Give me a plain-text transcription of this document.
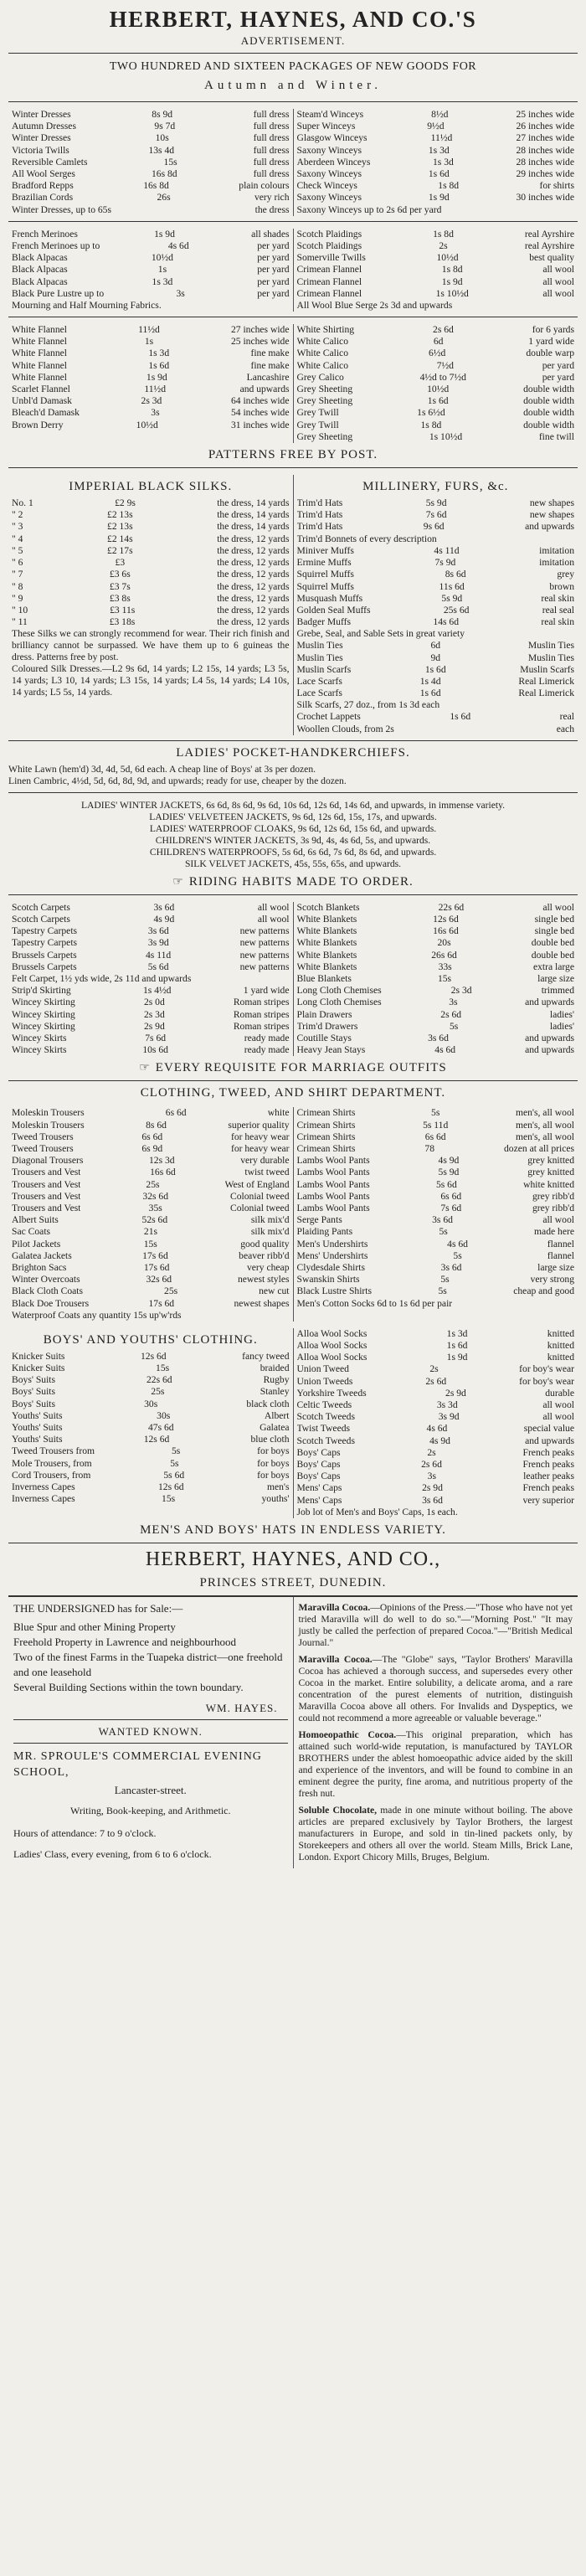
HERBERT, HAYNES, AND CO.'S
ADVERTISEMENT.
TWO HUNDRED AND SIXTEEN PACKAGES OF NEW GOODS FOR
Autumn and Winter.
Winter Dresses	8s 9d	full dress
Autumn Dresses	9s 7d	full dress
Winter Dresses	10s	full dress
Victoria Twills	13s 4d	full dress
Reversible Camlets	15s	full dress
All Wool Serges	16s 8d	full dress
Bradford Repps	16s 8d	plain colours
Brazilian Cords	26s	very rich
Winter Dresses, up to 65s	the dress
Steam'd Winceys	8½d	25 inches wide
Super Winceys	9½d	26 inches wide
Glasgow Winceys	11½d	27 inches wide
Saxony Winceys	1s 3d	28 inches wide
Aberdeen Winceys	1s 3d	28 inches wide
Saxony Winceys	1s 6d	29 inches wide
Check Winceys	1s 8d	for shirts
Saxony Winceys	1s 9d	30 inches wide
Saxony Winceys up to 2s 6d per yard
French Merinoes	1s 9d	all shades
French Merinoes up to	4s 6d	per yard
Black Alpacas	10½d	per yard
Black Alpacas	1s	per yard
Black Alpacas	1s 3d	per yard
Black Pure Lustre up to	3s	per yard
Mourning and Half Mourning Fabrics.
Scotch Plaidings	1s 8d	real Ayrshire
Scotch Plaidings	2s	real Ayrshire
Somerville Twills	10½d	best quality
Crimean Flannel	1s 8d	all wool
Crimean Flannel	1s 9d	all wool
Crimean Flannel	1s 10½d	all wool
All Wool Blue Serge 2s 3d and upwards
White Flannel	11½d	27 inches wide
White Flannel	1s	25 inches wide
White Flannel	1s 3d	fine make
White Flannel	1s 6d	fine make
White Flannel	1s 9d	Lancashire
Scarlet Flannel	11½d	and upwards
Unbl'd Damask	2s 3d	64 inches wide
Bleach'd Damask	3s	54 inches wide
Brown Derry	10½d	31 inches wide
White Shirting	2s 6d	for 6 yards
White Calico	6d	1 yard wide
White Calico	6½d	double warp
White Calico	7½d	per yard
Grey Calico	4½d to 7½d	per yard
Grey Sheeting	10½d	double width
Grey Sheeting	1s 6d	double width
Grey Twill	1s 6½d	double width
Grey Twill	1s 8d	double width
Grey Sheeting	1s 10½d	fine twill
PATTERNS FREE BY POST.
IMPERIAL BLACK SILKS.
No. 1	£2 9s	the dress, 14 yards
" 2	£2 13s	the dress, 14 yards
" 3	£2 13s	the dress, 14 yards
" 4	£2 14s	the dress, 12 yards
" 5	£2 17s	the dress, 12 yards
" 6	£3	the dress, 12 yards
" 7	£3 6s	the dress, 12 yards
" 8	£3 7s	the dress, 12 yards
" 9	£3 8s	the dress, 12 yards
" 10	£3 11s	the dress, 12 yards
" 11	£3 18s	the dress, 12 yards
These Silks we can strongly recommend for wear. Their rich finish and brilliancy cannot be surpassed. We have them up to 6 guineas the dress. Patterns free by post.
Coloured Silk Dresses.—L2 9s 6d, 14 yards; L2 15s, 14 yards; L3 5s, 14 yards; L3 10, 14 yards; L3 15s, 14 yards; L4 5s, 14 yards; L4 10s, 14 yards; L5 5s, 14 yards.
MILLINERY, FURS, &c.
Trim'd Hats	5s 9d	new shapes
Trim'd Hats	7s 6d	new shapes
Trim'd Hats	9s 6d	and upwards
Trim'd Bonnets of every description
Miniver Muffs	4s 11d	imitation
Ermine Muffs	7s 9d	imitation
Squirrel Muffs	8s 6d	grey
Squirrel Muffs	11s 6d	brown
Musquash Muffs	5s 9d	real skin
Golden Seal Muffs	25s 6d	real seal
Badger Muffs	14s 6d	real skin
Grebe, Seal, and Sable Sets in great variety
Muslin Ties	6d	Muslin Ties
Muslin Ties	9d	Muslin Ties
Muslin Scarfs	1s 6d	Muslin Scarfs
Lace Scarfs	1s 4d	Real Limerick
Lace Scarfs	1s 6d	Real Limerick
Silk Scarfs, 27 doz., from 1s 3d each
Crochet Lappets	1s 6d	real
Woollen Clouds, from 2s	each
LADIES' POCKET-HANDKERCHIEFS.
White Lawn (hem'd) 3d, 4d, 5d, 6d each. A cheap line of Boys' at 3s per dozen.
Linen Cambric, 4½d, 5d, 6d, 8d, 9d, and upwards; ready for use, cheaper by the dozen.
LADIES' WINTER JACKETS, 6s 6d, 8s 6d, 9s 6d, 10s 6d, 12s 6d, 14s 6d, and upwards, in immense variety.
LADIES' VELVETEEN JACKETS, 9s 6d, 12s 6d, 15s, 17s, and upwards.
LADIES' WATERPROOF CLOAKS, 9s 6d, 12s 6d, 15s 6d, and upwards.
CHILDREN'S WINTER JACKETS, 3s 9d, 4s, 4s 6d, 5s, and upwards.
CHILDREN'S WATERPROOFS, 5s 6d, 6s 6d, 7s 6d, 8s 6d, and upwards.
SILK VELVET JACKETS, 45s, 55s, 65s, and upwards.
☞ RIDING HABITS MADE TO ORDER.
Scotch Carpets	3s 6d	all wool
Scotch Carpets	4s 9d	all wool
Tapestry Carpets	3s 6d	new patterns
Tapestry Carpets	3s 9d	new patterns
Brussels Carpets	4s 11d	new patterns
Brussels Carpets	5s 6d	new patterns
Felt Carpet, 1½ yds wide, 2s 11d and upwards
Strip'd Skirting	1s 4½d	1 yard wide
Wincey Skirting	2s 0d	Roman stripes
Wincey Skirting	2s 3d	Roman stripes
Wincey Skirting	2s 9d	Roman stripes
Wincey Skirts	7s 6d	ready made
Wincey Skirts	10s 6d	ready made
Scotch Blankets	22s 6d	all wool
White Blankets	12s 6d	single bed
White Blankets	16s 6d	single bed
White Blankets	20s	double bed
White Blankets	26s 6d	double bed
White Blankets	33s	extra large
Blue Blankets	15s	large size
Long Cloth Chemises	2s 3d	trimmed
Long Cloth Chemises	3s	and upwards
Plain Drawers	2s 6d	ladies'
Trim'd Drawers	5s	ladies'
Coutille Stays	3s 6d	and upwards
Heavy Jean Stays	4s 6d	and upwards
☞ EVERY REQUISITE FOR MARRIAGE OUTFITS
CLOTHING, TWEED, AND SHIRT DEPARTMENT.
Moleskin Trousers	6s 6d	white
Moleskin Trousers	8s 6d	superior quality
Tweed Trousers	6s 6d	for heavy wear
Tweed Trousers	6s 9d	for heavy wear
Diagonal Trousers	12s 3d	very durable
Trousers and Vest	16s 6d	twist tweed
Trousers and Vest	25s	West of England
Trousers and Vest	32s 6d	Colonial tweed
Trousers and Vest	35s	Colonial tweed
Albert Suits	52s 6d	silk mix'd
Sac Coats	21s	silk mix'd
Pilot Jackets	15s	good quality
Galatea Jackets	17s 6d	beaver ribb'd
Brighton Sacs	17s 6d	very cheap
Winter Overcoats	32s 6d	newest styles
Black Cloth Coats	25s	new cut
Black Doe Trousers	17s 6d	newest shapes
Waterproof Coats any quantity 15s up'w'rds
Crimean Shirts	5s	men's, all wool
Crimean Shirts	5s 11d	men's, all wool
Crimean Shirts	6s 6d	men's, all wool
Crimean Shirts	78	dozen at all prices
Lambs Wool Pants	4s 9d	grey knitted
Lambs Wool Pants	5s 9d	grey knitted
Lambs Wool Pants	5s 6d	white knitted
Lambs Wool Pants	6s 6d	grey ribb'd
Lambs Wool Pants	7s 6d	grey ribb'd
Serge Pants	3s 6d	all wool
Plaiding Pants	5s	made here
Men's Undershirts	4s 6d	flannel
Mens' Undershirts	5s	flannel
Clydesdale Shirts	3s 6d	large size
Swanskin Shirts	5s	very strong
Black Lustre Shirts	5s	cheap and good
Men's Cotton Socks 6d to 1s 6d per pair
BOYS' AND YOUTHS' CLOTHING.
Knicker Suits	12s 6d	fancy tweed
Knicker Suits	15s	braided
Boys' Suits	22s 6d	Rugby
Boys' Suits	25s	Stanley
Boys' Suits	30s	black cloth
Youths' Suits	30s	Albert
Youths' Suits	47s 6d	Galatea
Youths' Suits	12s 6d	blue cloth
Tweed Trousers from	5s	for boys
Mole Trousers, from	5s	for boys
Cord Trousers, from	5s 6d	for boys
Inverness Capes	12s 6d	men's
Inverness Capes	15s	youths'
Alloa Wool Socks	1s 3d	knitted
Alloa Wool Socks	1s 6d	knitted
Alloa Wool Socks	1s 9d	knitted
Union Tweed	2s	for boy's wear
Union Tweeds	2s 6d	for boy's wear
Yorkshire Tweeds	2s 9d	durable
Celtic Tweeds	3s 3d	all wool
Scotch Tweeds	3s 9d	all wool
Twist Tweeds	4s 6d	special value
Scotch Tweeds	4s 9d	and upwards
Boys' Caps	2s	French peaks
Boys' Caps	2s 6d	French peaks
Boys' Caps	3s	leather peaks
Mens' Caps	2s 9d	French peaks
Mens' Caps	3s 6d	very superior
Job lot of Men's and Boys' Caps, 1s each.
MEN'S AND BOYS' HATS IN ENDLESS VARIETY.
HERBERT, HAYNES, AND CO.,
PRINCES STREET, DUNEDIN.
THE UNDERSIGNED has for Sale:—
Blue Spur and other Mining Property
Freehold Property in Lawrence and neighbourhood
Two of the finest Farms in the Tuapeka district—one freehold and one leasehold
Several Building Sections within the town boundary.
WM. HAYES.
WANTED KNOWN.
MR. SPROULE'S COMMERCIAL EVENING SCHOOL,
Lancaster-street.
Writing, Book-keeping, and Arithmetic.
Hours of attendance: 7 to 9 o'clock.
Ladies' Class, every evening, from 6 to 6 o'clock.
Maravilla Cocoa.—Opinions of the Press.—"Those who have not yet tried Maravilla will do well to do so."—"Morning Post." "It may justly be called the perfection of prepared Cocoa."—"British Medical Journal."
Maravilla Cocoa.—The "Globe" says, "Taylor Brothers' Maravilla Cocoa has achieved a thorough success, and supersedes every other Cocoa in the market. Entire solubility, a delicate aroma, and a rare concentration of the purest elements of nutrition, distinguish Maravilla Cocoa above all others. For Invalids and Dyspeptics, we could not recommend a more agreeable or valuable beverage."
Homoeopathic Cocoa.—This original preparation, which has attained such world-wide reputation, is manufactured by TAYLOR BROTHERS under the ablest homoeopathic advice aided by the skill and experience of the inventors, and will be found to combine in an eminent degree the purity, fine aroma, and nutritious property of the fresh nut.
Soluble Chocolate, made in one minute without boiling. The above articles are prepared exclusively by Taylor Brothers, the largest manufacturers in Europe, and sold in tin-lined packets only, by Storekeepers and others all over the world. Steam Mills, Brick Lane, London. Export Chicory Mills, Bruges, Belgium.
